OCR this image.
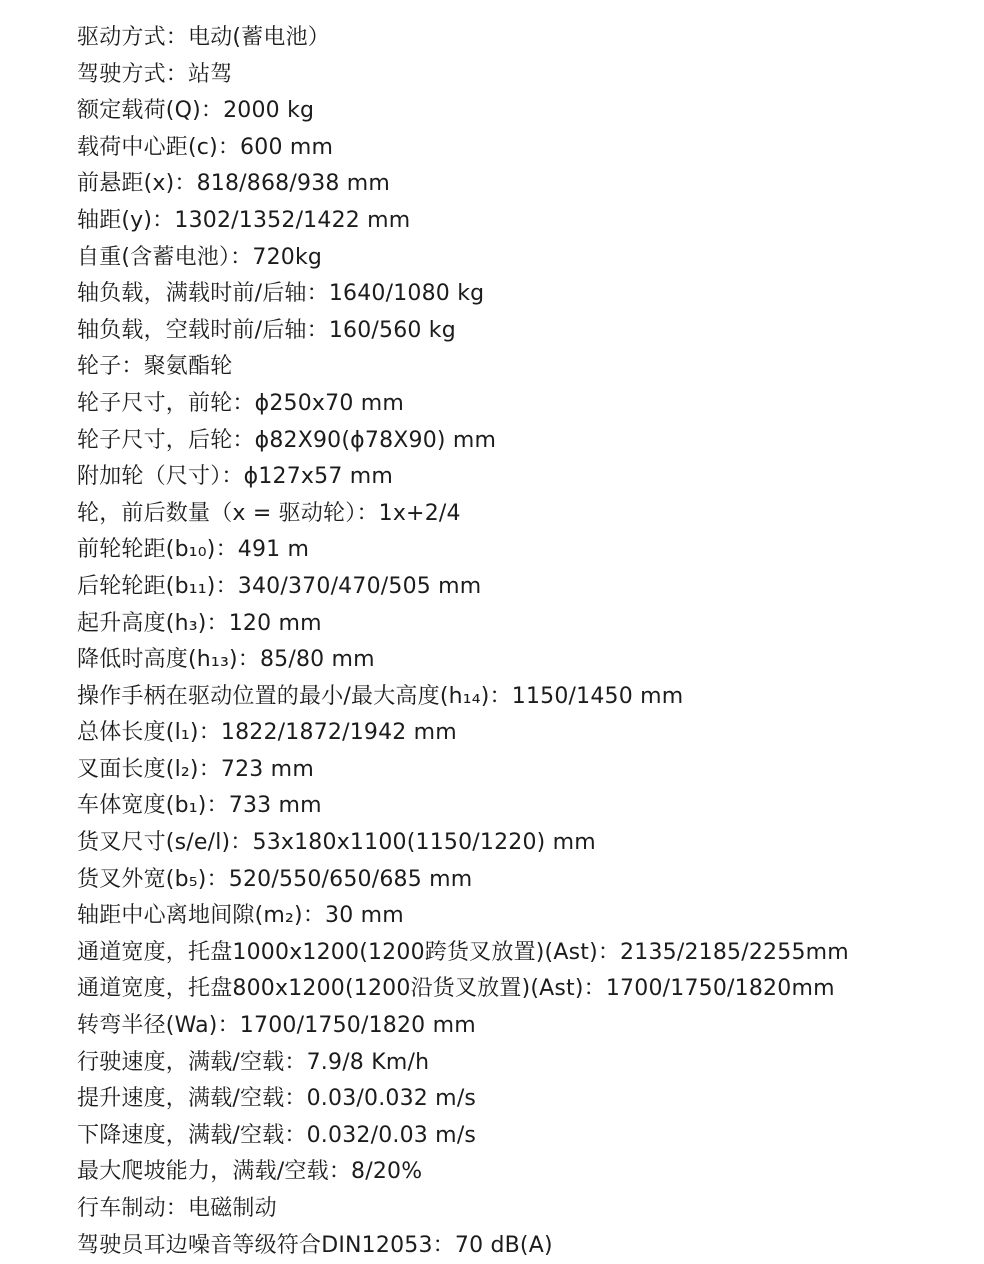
驱动方式：电动(蓄电池）
驾驶方式：站驾
额定载荷(Q)：2000 kg
载荷中心距(c)：600 mm
前悬距(x)：818/868/938 mm
轴距(y)：1302/1352/1422 mm
自重(含蓄电池）：720kg
轴负载，满载时前/后轴：1640/1080 kg
轴负载，空载时前/后轴：160/560 kg
轮子：聚氨酯轮
轮子尺寸，前轮：ϕ250x70 mm
轮子尺寸，后轮：ϕ82X90(ϕ78X90) mm
附加轮（尺寸）：ϕ127x57 mm
轮，前后数量（x = 驱动轮）：1x+2/4
前轮轮距(b₁₀)：491 m
后轮轮距(b₁₁)：340/370/470/505 mm
起升高度(h₃)：120 mm
降低时高度(h₁₃)：85/80 mm
操作手柄在驱动位置的最小/最大高度(h₁₄)：1150/1450 mm
总体长度(l₁)：1822/1872/1942 mm
叉面长度(l₂)：723 mm
车体宽度(b₁)：733 mm
货叉尺寸(s/e/l)：53x180x1100(1150/1220) mm
货叉外宽(b₅)：520/550/650/685 mm
轴距中心离地间隙(m₂)：30 mm
通道宽度，托盘1000x1200(1200跨货叉放置)(Ast)：2135/2185/2255mm
通道宽度，托盘800x1200(1200沿货叉放置)(Ast)：1700/1750/1820mm
转弯半径(Wa)：1700/1750/1820 mm
行驶速度，满载/空载：7.9/8 Km/h
提升速度，满载/空载：0.03/0.032 m/s
下降速度，满载/空载：0.032/0.03 m/s
最大爬坡能力，满载/空载：8/20%
行车制动：电磁制动
驾驶员耳边噪音等级符合DIN12053：70 dB(A)
